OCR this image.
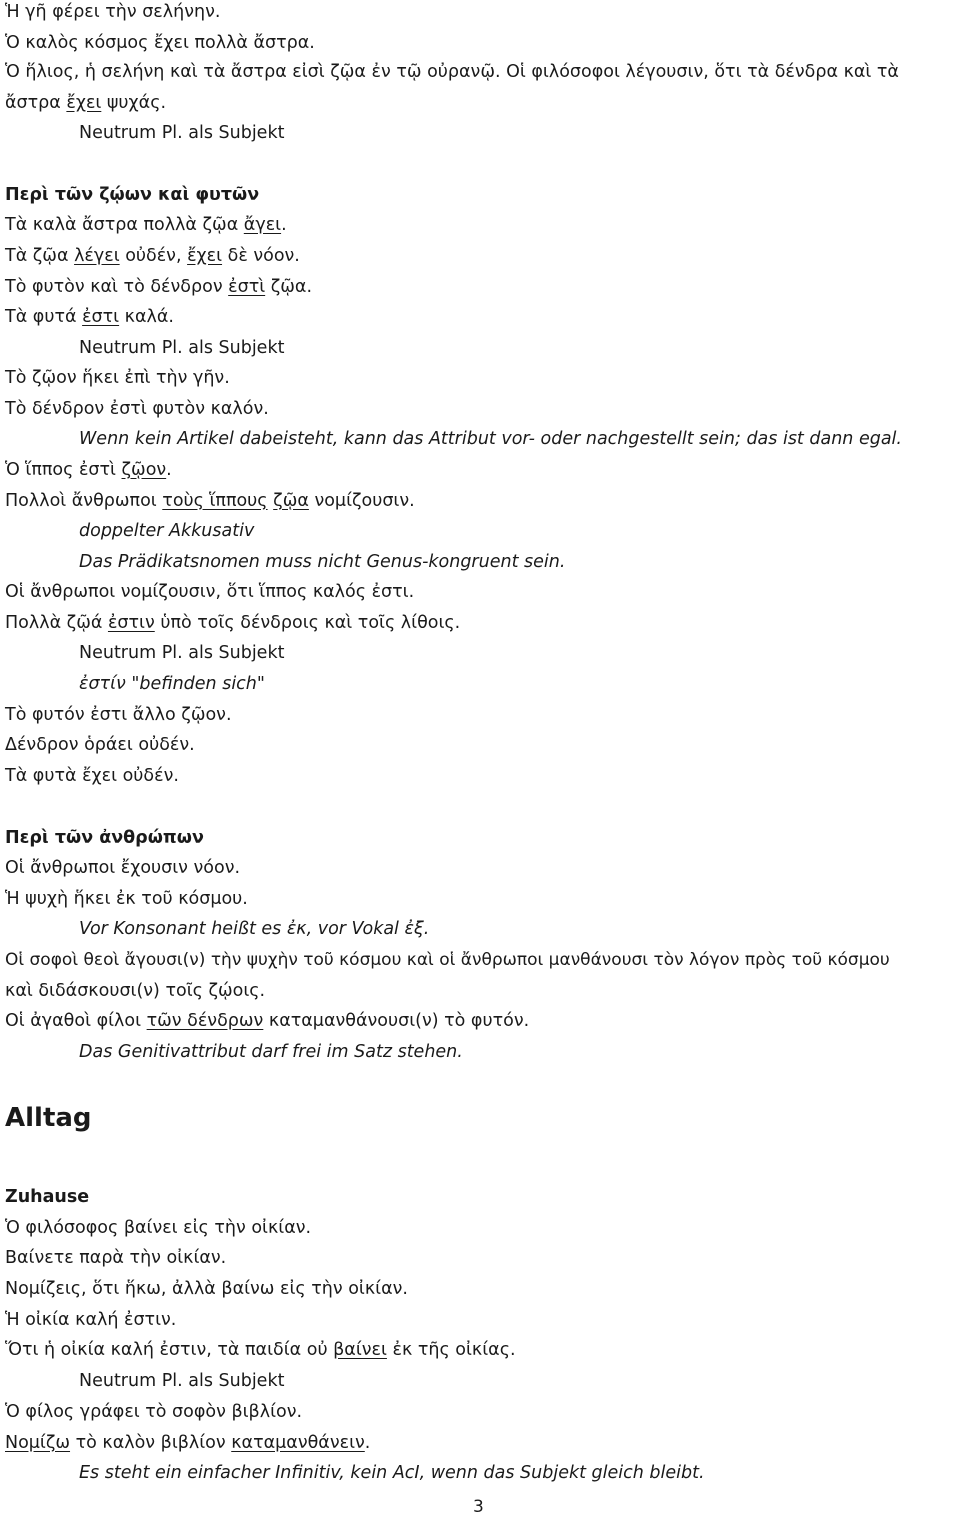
Ἡ γῆ φέρει τὴν σελήνην.
Ὁ καλὸς κόσμος ἔχει πολλὰ ἄστρα.
Ὁ ἥλιος, ἡ σελήνη καὶ τὰ ἄστρα εἰσὶ ζῷα ἐν τῷ οὐρανῷ. Οἱ φιλόσοφοι λέγουσιν, ὅτι τὰ δένδρα καὶ τὰ
ἄστρα ἔχει ψυχάς.
Neutrum Pl. als Subjekt
Περὶ τῶν ζῴων καὶ φυτῶν
Τὰ καλὰ ἄστρα πολλὰ ζῷα ἄγει.
Τὰ ζῷα λέγει οὐδέν, ἔχει δὲ νόον.
Τὸ φυτὸν καὶ τὸ δένδρον ἐστὶ ζῷα.
Τὰ φυτά ἐστι καλά.
Neutrum Pl. als Subjekt
Τὸ ζῷον ἥκει ἐπὶ τὴν γῆν.
Τὸ δένδρον ἐστὶ φυτὸν καλόν.
Wenn kein Artikel dabeisteht, kann das Attribut vor- oder nachgestellt sein; das ist dann egal.
Ὁ ἵππος ἐστὶ ζῷον.
Πολλοὶ ἄνθρωποι τοὺς ἵππους ζῷα νομίζουσιν.
doppelter Akkusativ
Das Prädikatsnomen muss nicht Genus-kongruent sein.
Οἱ ἄνθρωποι νομίζουσιν, ὅτι ἵππος καλός ἐστι.
Πολλὰ ζῷά ἐστιν ὑπὸ τοῖς δένδροις καὶ τοῖς λίθοις.
Neutrum Pl. als Subjekt
ἐστίν "befinden sich"
Τὸ φυτόν ἐστι ἄλλο ζῷον.
Δένδρον ὁράει οὐδέν.
Τὰ φυτὰ ἔχει οὐδέν.
Περὶ τῶν ἀνθρώπων
Οἱ ἄνθρωποι ἔχουσιν νόον.
Ἡ ψυχὴ ἥκει ἐκ τοῦ κόσμου.
Vor Konsonant heißt es ἐκ, vor Vokal ἐξ.
Οἱ σοφοὶ θεοὶ ἄγουσι(ν) τὴν ψυχὴν τοῦ κόσμου καὶ οἱ ἄνθρωποι μανθάνουσι τὸν λόγον πρὸς τοῦ κόσμου
καὶ διδάσκουσι(ν) τοῖς ζῴοις.
Οἱ ἀγαθοὶ φίλοι τῶν δένδρων καταμανθάνουσι(ν) τὸ φυτόν.
Das Genitivattribut darf frei im Satz stehen.
Alltag
Zuhause
Ὁ φιλόσοφος βαίνει εἰς τὴν οἰκίαν.
Βαίνετε παρὰ τὴν οἰκίαν.
Νομίζεις, ὅτι ἥκω, ἀλλὰ βαίνω εἰς τὴν οἰκίαν.
Ἡ οἰκία καλή ἐστιν.
Ὅτι ἡ οἰκία καλή ἐστιν, τὰ παιδία οὐ βαίνει ἐκ τῆς οἰκίας.
Neutrum Pl. als Subjekt
Ὁ φίλος γράφει τὸ σοφὸν βιβλίον.
Νομίζω τὸ καλὸν βιβλίον καταμανθάνειν.
Es steht ein einfacher Infinitiv, kein AcI, wenn das Subjekt gleich bleibt.
3
